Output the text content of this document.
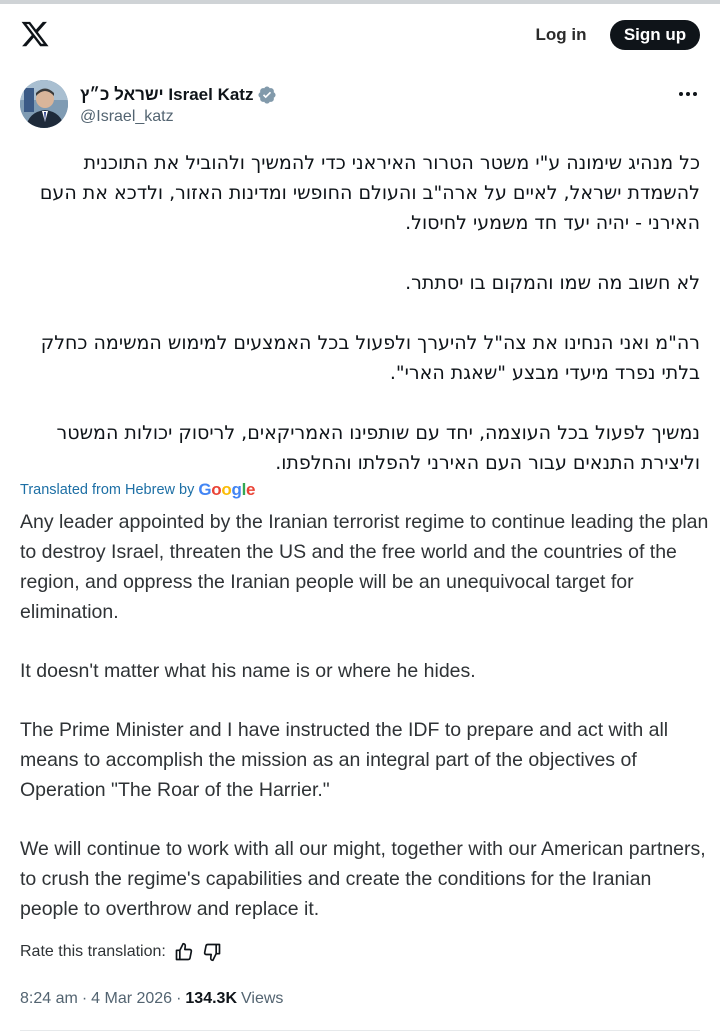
Log in	Sign up
ישראל כ״ץ Israel Katz
@Israel_katz

כל מנהיג שימונה ע"י משטר הטרור האיראני כדי להמשיך ולהוביל את התוכנית להשמדת ישראל, לאיים על ארה"ב והעולם החופשי ומדינות האזור, ולדכא את העם האירני - יהיה יעד חד משמעי לחיסול.

לא חשוב מה שמו והמקום בו יסתתר.

רה"מ ואני הנחינו את צה"ל להיערך ולפעול בכל האמצעים למימוש המשימה כחלק בלתי נפרד מיעדי מבצע "שאגת הארי".

נמשיך לפעול בכל העוצמה, יחד עם שותפינו האמריקאים, לריסוק יכולות המשטר וליצירת התנאים עבור העם האירני להפלתו והחלפתו.

Translated from Hebrew by Google

Any leader appointed by the Iranian terrorist regime to continue leading the plan to destroy Israel, threaten the US and the free world and the countries of the region, and oppress the Iranian people will be an unequivocal target for elimination.

It doesn't matter what his name is or where he hides.

The Prime Minister and I have instructed the IDF to prepare and act with all means to accomplish the mission as an integral part of the objectives of Operation "The Roar of the Harrier."

We will continue to work with all our might, together with our American partners, to crush the regime's capabilities and create the conditions for the Iranian people to overthrow and replace it.

Rate this translation:
8:24 am · 4 Mar 2026 · 134.3K Views
